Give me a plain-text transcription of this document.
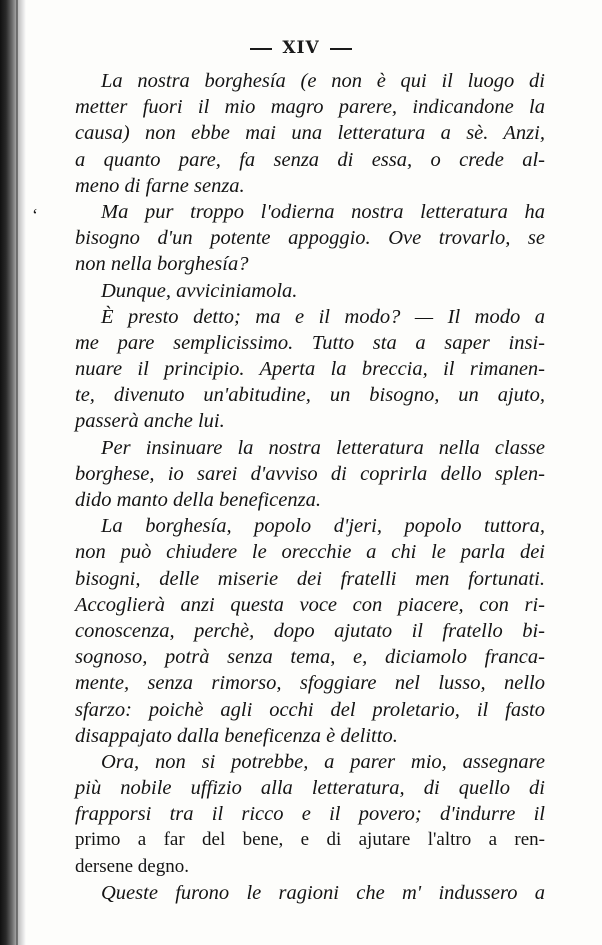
XIV
‘
La nostra borghesía (e non è qui il luogo di
metter fuori il mio magro parere, indicandone la
causa) non ebbe mai una letteratura a sè. Anzi,
a quanto pare, fa senza di essa, o crede al-
meno di farne senza.
Ma pur troppo l'odierna nostra letteratura ha
bisogno d'un potente appoggio. Ove trovarlo, se
non nella borghesía?
Dunque, avviciniamola.
È presto detto; ma e il modo? — Il modo a
me pare semplicissimo. Tutto sta a saper insi-
nuare il principio. Aperta la breccia, il rimanen-
te, divenuto un'abitudine, un bisogno, un ajuto,
passerà anche lui.
Per insinuare la nostra letteratura nella classe
borghese, io sarei d'avviso di coprirla dello splen-
dido manto della beneficenza.
La borghesía, popolo d'jeri, popolo tuttora,
non può chiudere le orecchie a chi le parla dei
bisogni, delle miserie dei fratelli men fortunati.
Accoglierà anzi questa voce con piacere, con ri-
conoscenza, perchè, dopo ajutato il fratello bi-
sognoso, potrà senza tema, e, diciamolo franca-
mente, senza rimorso, sfoggiare nel lusso, nello
sfarzo: poichè agli occhi del proletario, il fasto
disappajato dalla beneficenza è delitto.
Ora, non si potrebbe, a parer mio, assegnare
più nobile uffizio alla letteratura, di quello di
frapporsi tra il ricco e il povero; d'indurre il
primo a far del bene, e di ajutare l'altro a ren-
dersene degno.
Queste furono le ragioni che m' indussero a
